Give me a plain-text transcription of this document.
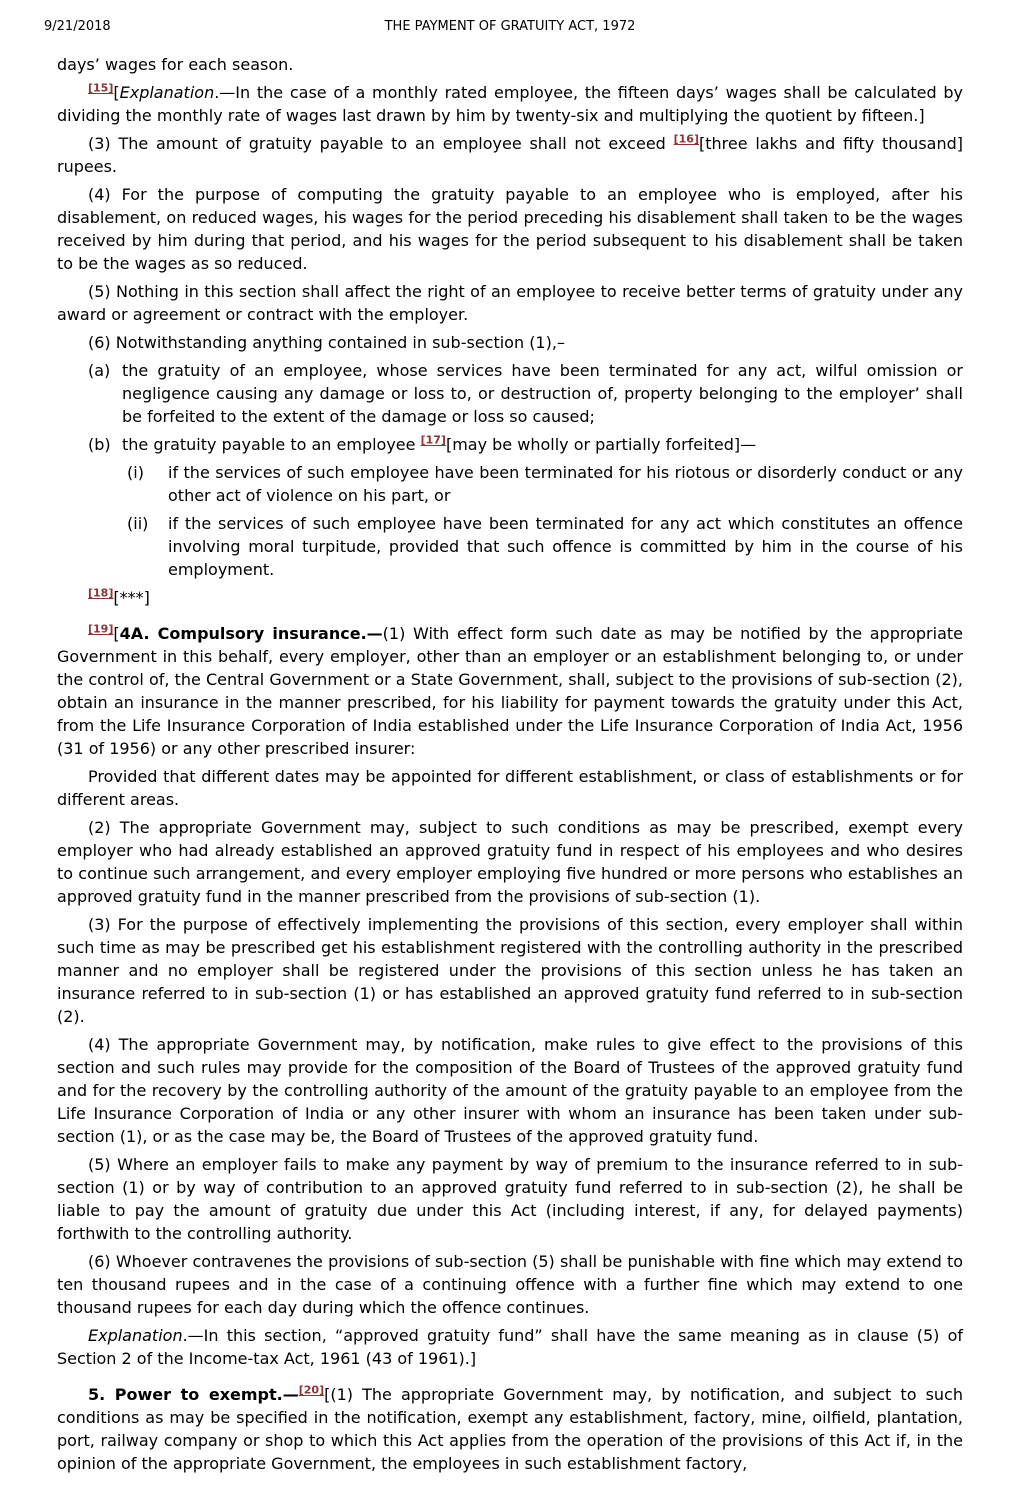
9/21/2018	THE PAYMENT OF GRATUITY ACT, 1972

days’ wages for each season.

[15][Explanation.—In the case of a monthly rated employee, the fifteen days’ wages shall be calculated by dividing the monthly rate of wages last drawn by him by twenty-six and multiplying the quotient by fifteen.]

(3) The amount of gratuity payable to an employee shall not exceed [16][three lakhs and fifty thousand] rupees.

(4) For the purpose of computing the gratuity payable to an employee who is employed, after his disablement, on reduced wages, his wages for the period preceding his disablement shall taken to be the wages received by him during that period, and his wages for the period subsequent to his disablement shall be taken to be the wages as so reduced.

(5) Nothing in this section shall affect the right of an employee to receive better terms of gratuity under any award or agreement or contract with the employer.

(6) Notwithstanding anything contained in sub-section (1),–

(a) the gratuity of an employee, whose services have been terminated for any act, wilful omission or negligence causing any damage or loss to, or destruction of, property belonging to the employer’ shall be forfeited to the extent of the damage or loss so caused;

(b) the gratuity payable to an employee [17][may be wholly or partially forfeited]—

(i) if the services of such employee have been terminated for his riotous or disorderly conduct or any other act of violence on his part, or

(ii) if the services of such employee have been terminated for any act which constitutes an offence involving moral turpitude, provided that such offence is committed by him in the course of his employment.

[18][***]

[19][4A. Compulsory insurance.—(1) With effect form such date as may be notified by the appropriate Government in this behalf, every employer, other than an employer or an establishment belonging to, or under the control of, the Central Government or a State Government, shall, subject to the provisions of sub-section (2), obtain an insurance in the manner prescribed, for his liability for payment towards the gratuity under this Act, from the Life Insurance Corporation of India established under the Life Insurance Corporation of India Act, 1956 (31 of 1956) or any other prescribed insurer:

Provided that different dates may be appointed for different establishment, or class of establishments or for different areas.

(2) The appropriate Government may, subject to such conditions as may be prescribed, exempt every employer who had already established an approved gratuity fund in respect of his employees and who desires to continue such arrangement, and every employer employing five hundred or more persons who establishes an approved gratuity fund in the manner prescribed from the provisions of sub-section (1).

(3) For the purpose of effectively implementing the provisions of this section, every employer shall within such time as may be prescribed get his establishment registered with the controlling authority in the prescribed manner and no employer shall be registered under the provisions of this section unless he has taken an insurance referred to in sub-section (1) or has established an approved gratuity fund referred to in sub-section (2).

(4) The appropriate Government may, by notification, make rules to give effect to the provisions of this section and such rules may provide for the composition of the Board of Trustees of the approved gratuity fund and for the recovery by the controlling authority of the amount of the gratuity payable to an employee from the Life Insurance Corporation of India or any other insurer with whom an insurance has been taken under sub-section (1), or as the case may be, the Board of Trustees of the approved gratuity fund.

(5) Where an employer fails to make any payment by way of premium to the insurance referred to in sub-section (1) or by way of contribution to an approved gratuity fund referred to in sub-section (2), he shall be liable to pay the amount of gratuity due under this Act (including interest, if any, for delayed payments) forthwith to the controlling authority.

(6) Whoever contravenes the provisions of sub-section (5) shall be punishable with fine which may extend to ten thousand rupees and in the case of a continuing offence with a further fine which may extend to one thousand rupees for each day during which the offence continues.

Explanation.—In this section, “approved gratuity fund” shall have the same meaning as in clause (5) of Section 2 of the Income-tax Act, 1961 (43 of 1961).]

5. Power to exempt.—[20][(1) The appropriate Government may, by notification, and subject to such conditions as may be specified in the notification, exempt any establishment, factory, mine, oilfield, plantation, port, railway company or shop to which this Act applies from the operation of the provisions of this Act if, in the opinion of the appropriate Government, the employees in such establishment factory,
